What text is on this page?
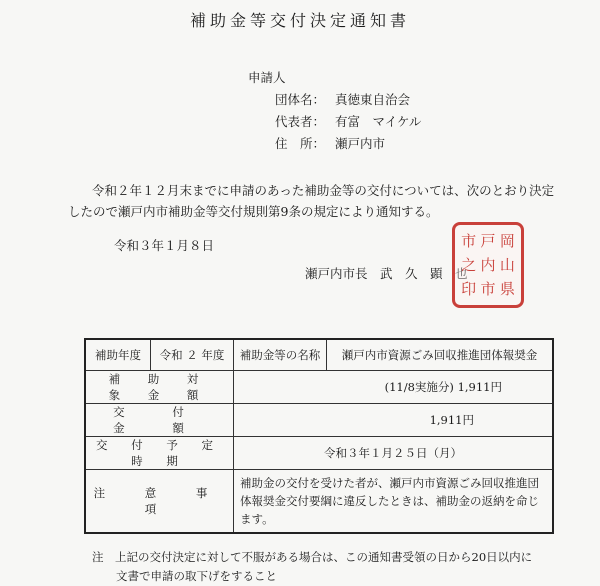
補助金等交付決定通知書
申請人
団体名： 真徳東自治会
代表者： 有富　マイケル
住　所： 瀬戸内市
令和２年１２月末までに申請のあった補助金等の交付については、次のとおり決定
したので瀬戸内市補助金等交付規則第9条の規定により通知する。
令和３年１月８日
瀬戸内市長　武　久　顕　也
市 戸 岡
之 内 山
印 市 県
補助年度	令和 ２ 年度	補助金等の名称	瀬戸内市資源ごみ回収推進団体報奨金
補 助 対 象 金 額		(11/8実施分) 1,911円	
交 付 金 額		1,911円	
交 付 予 定 時 期		令和３年１月２５日（月）	
注 意 事 項		補助金の交付を受けた者が、瀬戸内市資源ごみ回収推進団体報奨金交付要綱に違反したときは、補助金の返納を命じます。	
注　上記の交付決定に対して不服がある場合は、この通知書受領の日から20日以内に
文書で申請の取下げをすること
